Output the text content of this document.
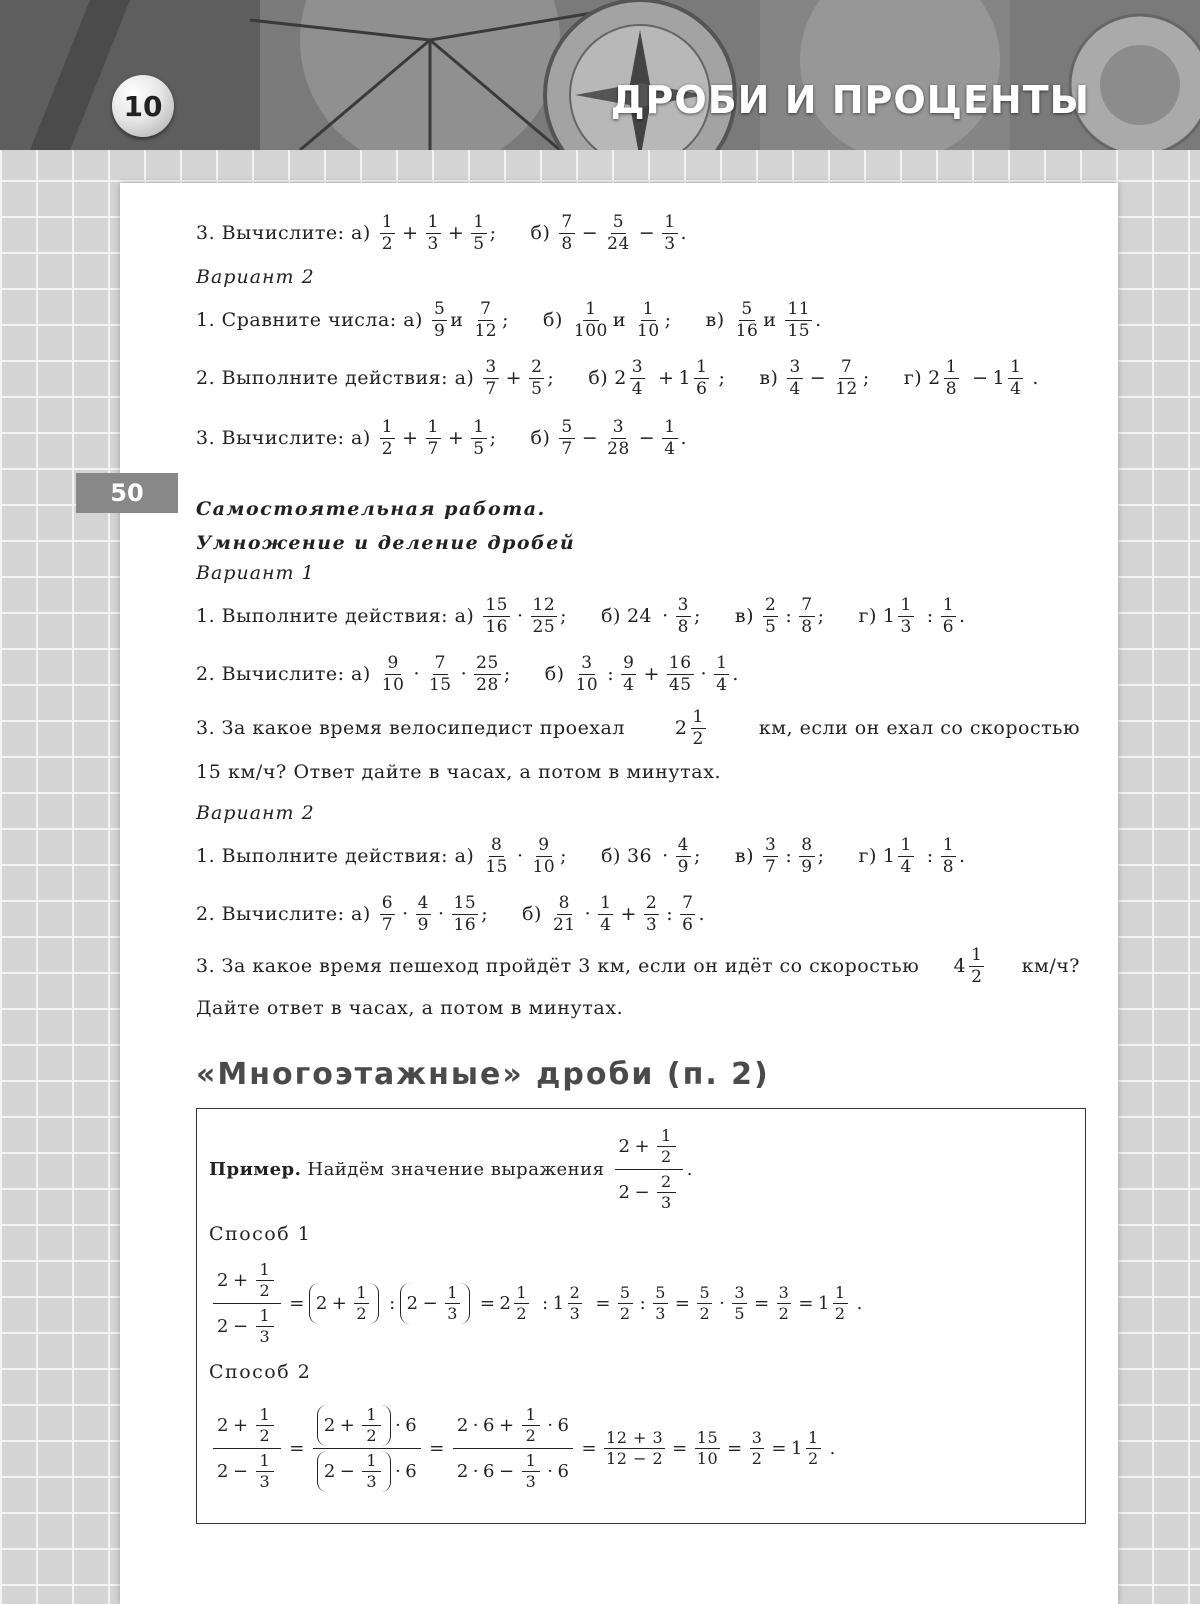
10	ДРОБИ И ПРОЦЕНТЫ
50
3. Вычислите: а)
1
$2 + \frac{1}{3} + \frac{1}{5}$ ; б)
7
$8 - \frac{5}{24} - \frac{1}{3}$ .
Вариант 2
1. Сравните числа: а)
5
9 и
7
12 ; б)
1
100 и
1
10 ; в)
5
16 и
11
15 .
2. Выполните действия: а)
3
$7 + \frac{2}{5}$ ; б) 2
3
4 + 1
1
6 ; в)
3
$4 - \frac{7}{12}$ ; г) 2
1
8 − 1
1
4 .
3. Вычислите: а)
1
$2 + \frac{1}{7} + \frac{1}{5}$ ; б)
5
$7 - \frac{3}{28} - \frac{1}{4}$ .
Самостоятельная работа.
Умножение и деление дробей
Вариант 1
1. Выполните действия: а)
15
16 ·
12
25 ; б) 24 ·
3
8 ; в)
2
5 :
7
8 ; г) 1
1
3 :
1
6 .
2. Вычислите: а)
9
10 ·
7
15 ·
25
28 ; б)
3
10 :
9
$4 + \frac{16}{45}$ ·
1
4 .
3. За какое время велосипедист проехал	2
1
2	км, если он ехал со скоростью
15 км/ч? Ответ дайте в часах, а потом в минутах.
Вариант 2
1. Выполните действия: а)
8
15 ·
9
10 ; б) 36 ·
4
9 ; в)
3
7 :
8
9 ; г) 1
1
4 :
1
8 .
2. Вычислите: а)
6
7 ·
4
9 ·
15
16 ; б)
8
21 ·
1
$4 + \frac{2}{3}$ :
7
6 .
3. За какое время пешеход пройдёт 3 км, если он идёт со скоростью 4
1
2 км/ч?
Дайте ответ в часах, а потом в минутах.
«Многоэтажные» дроби (п. 2)
Пример. Найдём значение выражения
$2 + \frac{1}{2}$
$2 - \frac{2}{3}$
.
Способ 1
$\frac{2 + \frac{1}{2}}{2 - \frac{1}{3}} = 2 + \frac{1}{2}$ : $2 - \frac{1}{3} = 2$
1
2 : 1
2
$3 = \frac{5}{2}$ : $\frac{5}{3} = \frac{5}{2} \cdot \frac{3}{5} = \frac{3}{2} = 1$
1
2 .
Способ 2
$\frac{2 + \frac{1}{2}}{2 - \frac{1}{3}} = \frac{2 + \frac{1}{2} \cdot 6}{2 - \frac{1}{3} \cdot 6} = \frac{2 \cdot 6 + \frac{1}{2} \cdot 6}{2 \cdot 6 - \frac{1}{3} \cdot 6} = \frac{12 + 3}{12 - 2} = \frac{15}{10} = \frac{3}{2} = 1$
1
2 .
